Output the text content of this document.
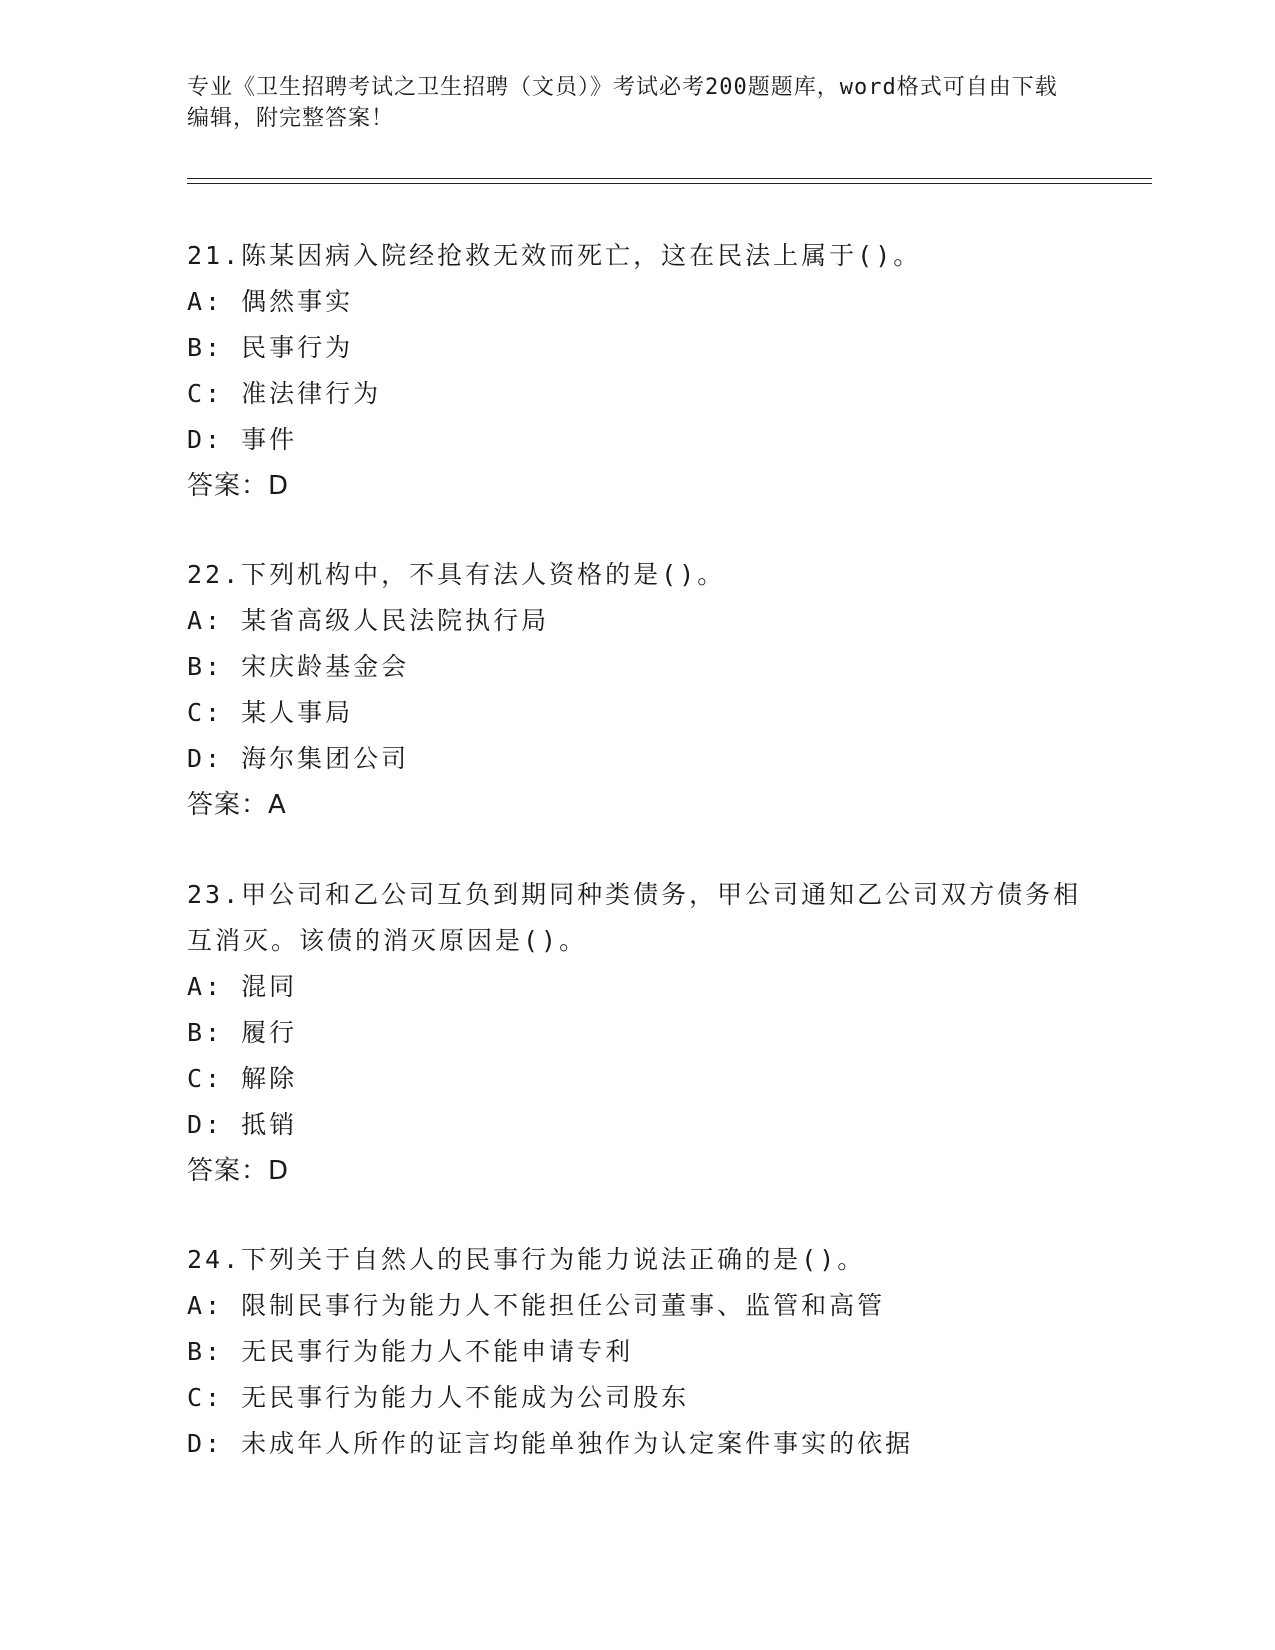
专业《卫生招聘考试之卫生招聘（文员）》考试必考200题题库，word格式可自由下载编辑，附完整答案！
21.陈某因病入院经抢救无效而死亡，这在民法上属于()。
A: 偶然事实
B: 民事行为
C: 准法律行为
D: 事件
答案：D
22.下列机构中，不具有法人资格的是()。
A: 某省高级人民法院执行局
B: 宋庆龄基金会
C: 某人事局
D: 海尔集团公司
答案：A
23.甲公司和乙公司互负到期同种类债务，甲公司通知乙公司双方债务相互消灭。该债的消灭原因是()。
A: 混同
B: 履行
C: 解除
D: 抵销
答案：D
24.下列关于自然人的民事行为能力说法正确的是()。
A: 限制民事行为能力人不能担任公司董事、监管和高管
B: 无民事行为能力人不能申请专利
C: 无民事行为能力人不能成为公司股东
D: 未成年人所作的证言均能单独作为认定案件事实的依据
